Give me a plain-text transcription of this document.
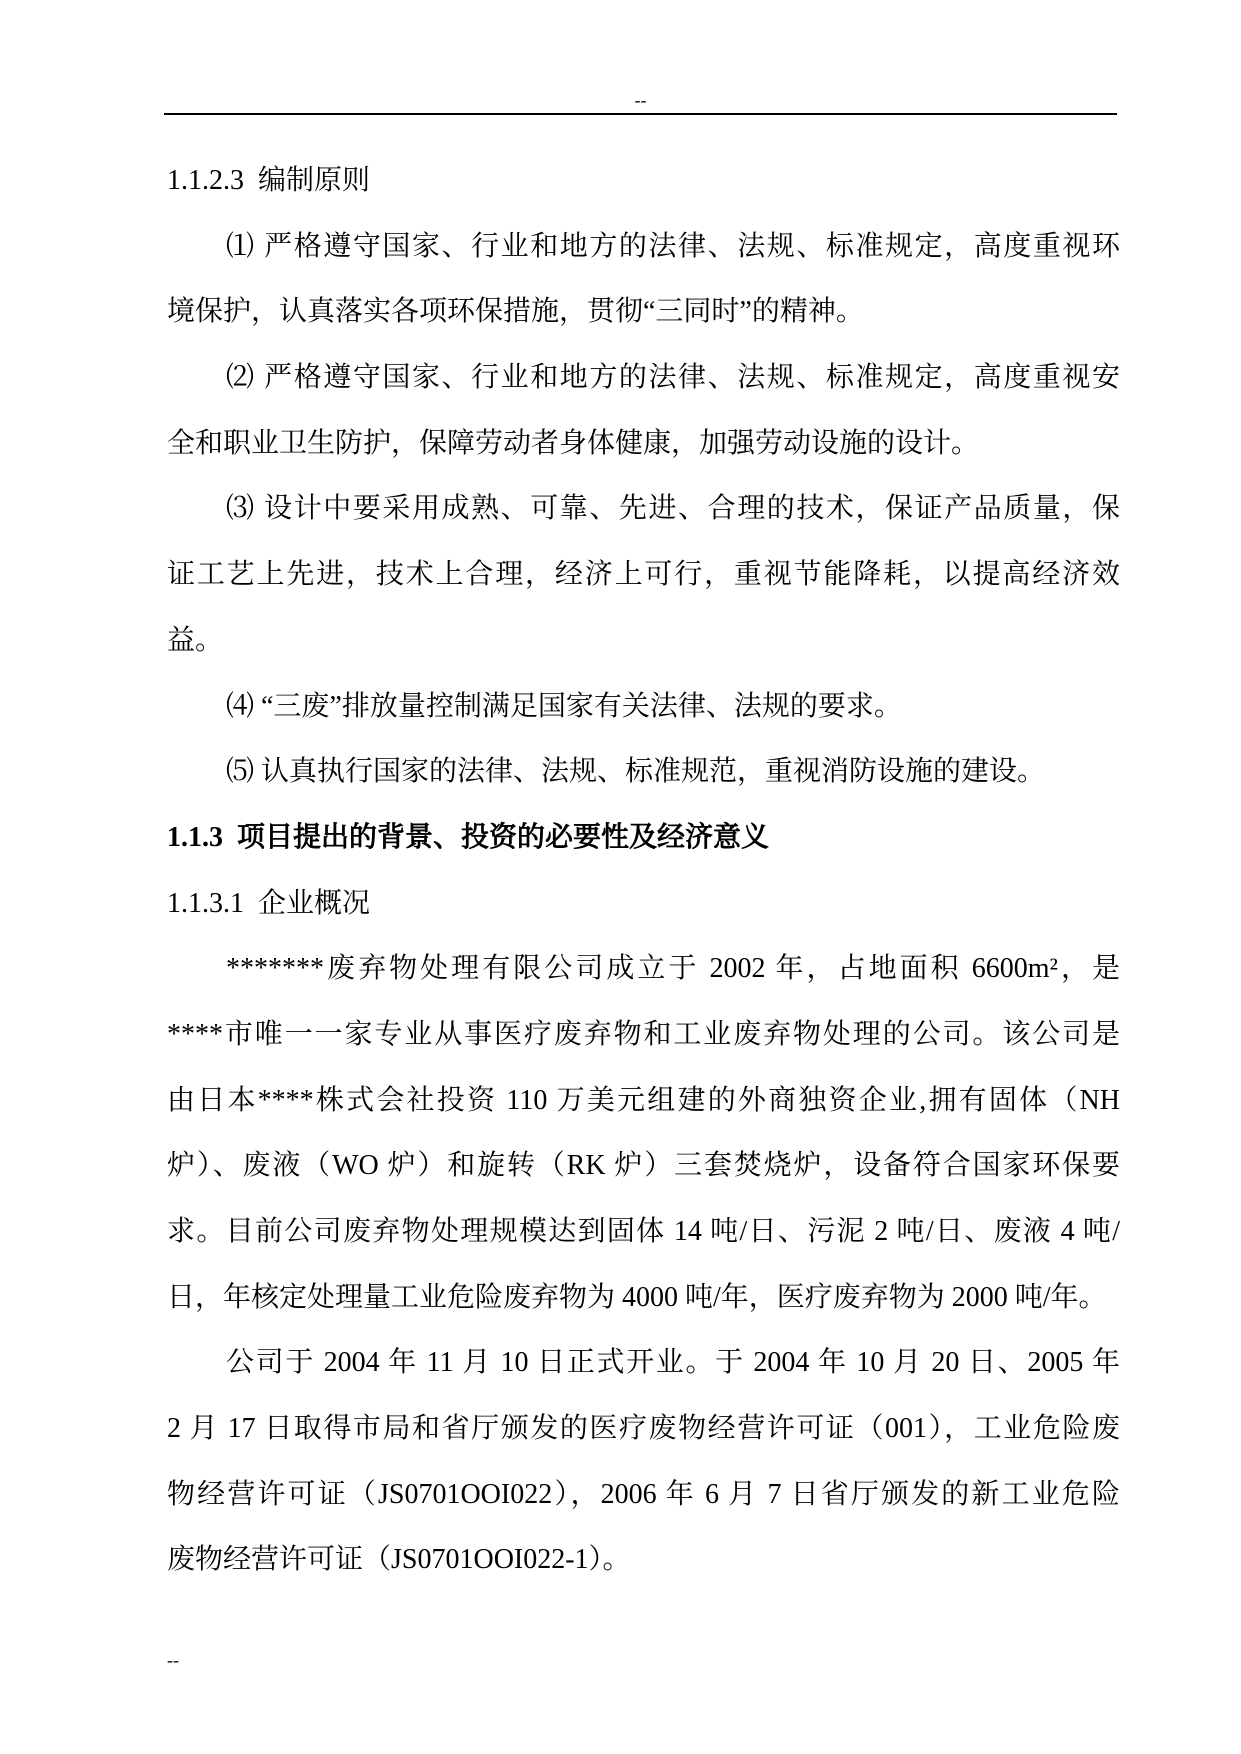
--
1.1.2.3  编制原则
⑴ 严格遵守国家、行业和地方的法律、法规、标准规定，高度重视环
境保护，认真落实各项环保措施，贯彻“三同时”的精神。
⑵ 严格遵守国家、行业和地方的法律、法规、标准规定，高度重视安
全和职业卫生防护，保障劳动者身体健康，加强劳动设施的设计。
⑶ 设计中要采用成熟、可靠、先进、合理的技术，保证产品质量，保
证工艺上先进，技术上合理，经济上可行，重视节能降耗，以提高经济效
益。
⑷ “三废”排放量控制满足国家有关法律、法规的要求。
⑸ 认真执行国家的法律、法规、标准规范，重视消防设施的建设。
1.1.3  项目提出的背景、投资的必要性及经济意义
1.1.3.1  企业概况
*******废弃物处理有限公司成立于 2002 年，占地面积 6600m²，是
****市唯一一家专业从事医疗废弃物和工业废弃物处理的公司。该公司是
由日本****株式会社投资 110 万美元组建的外商独资企业,拥有固体（NH
炉）、废液（WO 炉）和旋转（RK 炉）三套焚烧炉，设备符合国家环保要
求。目前公司废弃物处理规模达到固体 14 吨/日、污泥 2 吨/日、废液 4 吨/
日，年核定处理量工业危险废弃物为 4000 吨/年，医疗废弃物为 2000 吨/年。
公司于 2004 年 11 月 10 日正式开业。于 2004 年 10 月 20 日、2005 年
2 月 17 日取得市局和省厅颁发的医疗废物经营许可证（001），工业危险废
物经营许可证（JS0701OOI022），2006 年 6 月 7 日省厅颁发的新工业危险
废物经营许可证（JS0701OOI022-1）。
--
